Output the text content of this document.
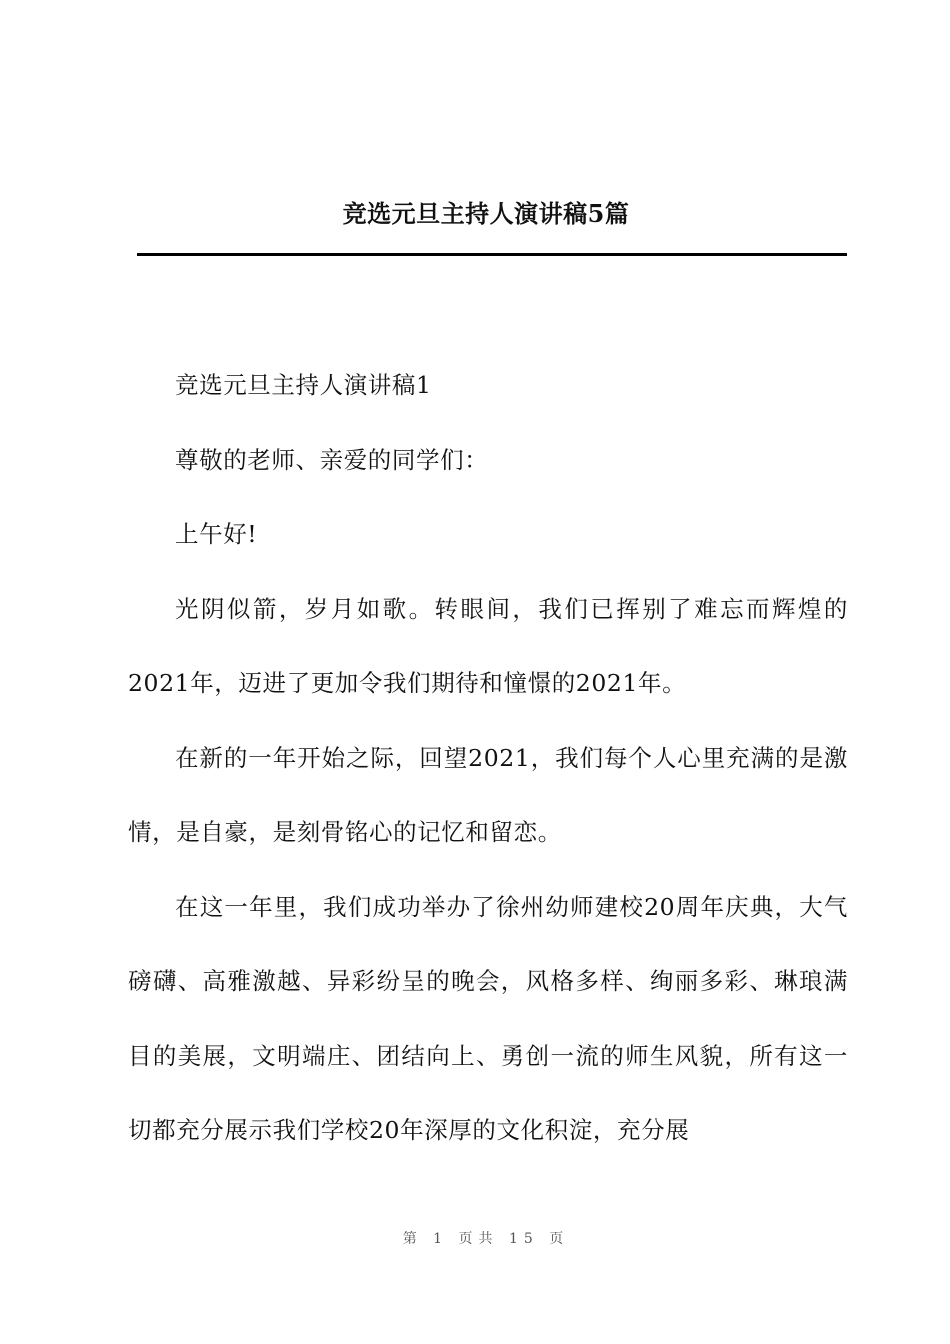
竞选元旦主持人演讲稿5篇

竞选元旦主持人演讲稿1

尊敬的老师、亲爱的同学们：

上午好!

光阴似箭，岁月如歌。转眼间，我们已挥别了难忘而辉煌的2021年，迈进了更加令我们期待和憧憬的2021年。

在新的一年开始之际，回望2021，我们每个人心里充满的是激情，是自豪，是刻骨铭心的记忆和留恋。

在这一年里，我们成功举办了徐州幼师建校20周年庆典，大气磅礴、高雅激越、异彩纷呈的晚会，风格多样、绚丽多彩、琳琅满目的美展，文明端庄、团结向上、勇创一流的师生风貌，所有这一切都充分展示我们学校20年深厚的文化积淀，充分展

第 1 页共 15 页
